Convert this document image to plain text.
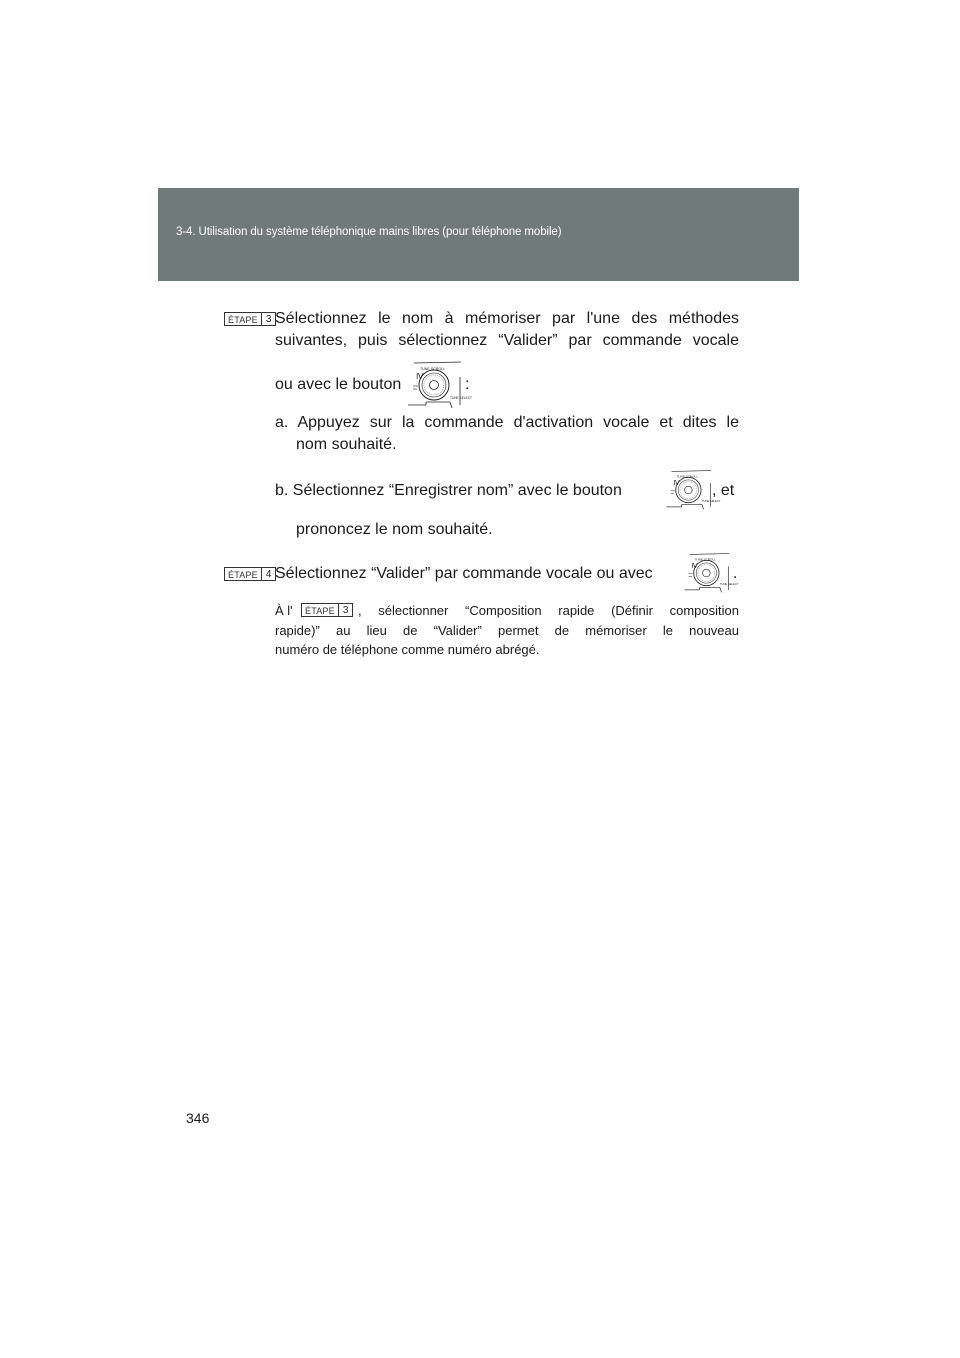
3-4. Utilisation du système téléphonique mains libres (pour téléphone mobile)
ÉTAPE 3 Sélectionnez le nom à mémoriser par l'une des méthodes
suivantes, puis sélectionnez “Valider” par commande vocale
ou avec le bouton
TUNE SCROLL
Ⅳ
TUNE SELECT
:
a. Appuyez sur la commande d'activation vocale et dites le
nom souhaité.
b. Sélectionnez “Enregistrer nom” avec le bouton
TUNE SCROLL
Ⅳ
TUNE SELECT
, et
prononcez le nom souhaité.
ÉTAPE 4 Sélectionnez “Valider” par commande vocale ou avec
TUNE SCROLL
Ⅳ
TUNE SELECT
.
À l'	ÉTAPE 3 , sélectionner “Composition rapide (Définir composition
rapide)” au lieu de “Valider” permet de mémoriser le nouveau
numéro de téléphone comme numéro abrégé.
346
